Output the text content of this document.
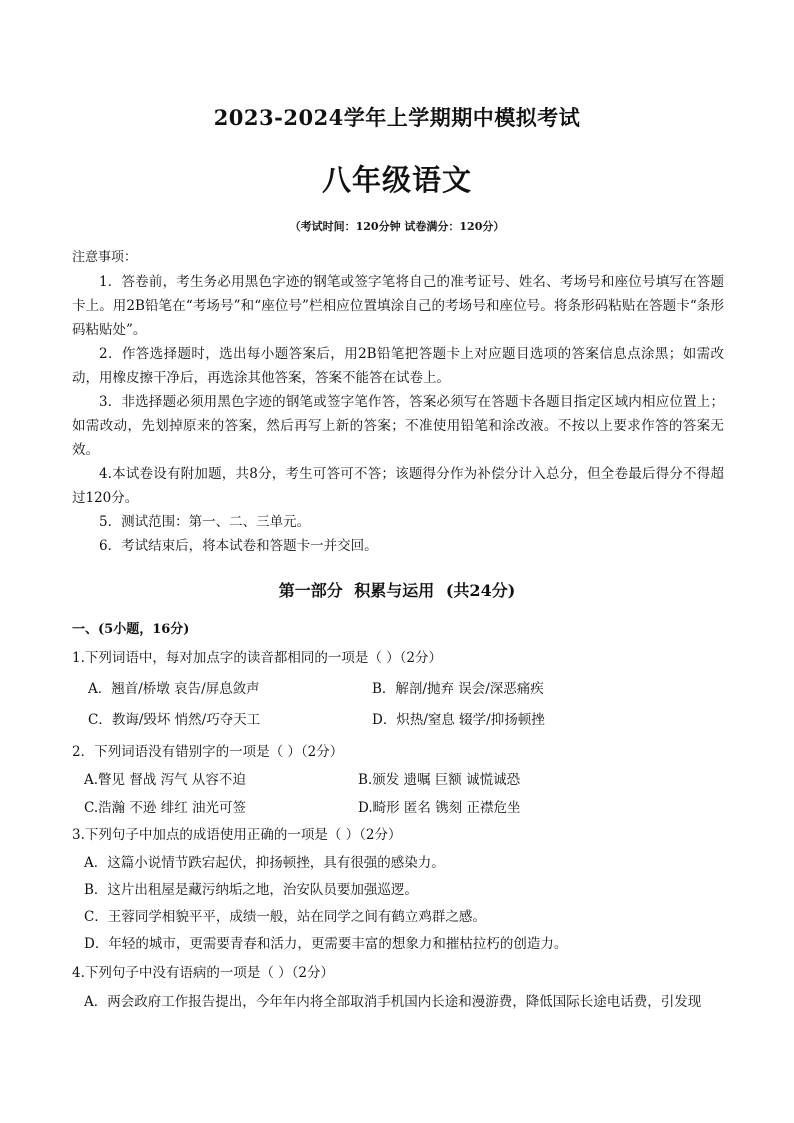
2023-2024学年上学期期中模拟考试
八年级语文
（考试时间：120分钟 试卷满分：120分）
注意事项：

1．答卷前，考生务必用黑色字迹的钢笔或签字笔将自己的准考证号、姓名、考场号和座位号填写在答题卡上。用2B铅笔在“考场号”和“座位号”栏相应位置填涂自己的考场号和座位号。将条形码粘贴在答题卡“条形码粘贴处”。

2．作答选择题时，选出每小题答案后，用2B铅笔把答题卡上对应题目选项的答案信息点涂黑；如需改动，用橡皮擦干净后，再选涂其他答案，答案不能答在试卷上。

3．非选择题必须用黑色字迹的钢笔或签字笔作答，答案必须写在答题卡各题目指定区域内相应位置上；如需改动，先划掉原来的答案，然后再写上新的答案；不准使用铅笔和涂改液。不按以上要求作答的答案无效。

4.本试卷设有附加题，共8分，考生可答可不答；该题得分作为补偿分计入总分，但全卷最后得分不得超过120分。

5．测试范围：第一、二、三单元。

6．考试结束后，将本试卷和答题卡一并交回。

第一部分 积累与运用 (共24分)
一、(5小题，16分)
1.下列词语中，每对加点字的读音都相同的一项是（ ）（2分）
A．翘首/桥墩 哀告/屏息敛声	B．解剖/抛弃 误会/深恶痛疾
C．教诲/毁坏 悄然/巧夺天工	D．炽热/窒息 辍学/抑扬顿挫
2．下列词语没有错别字的一项是（ ）（2分）
A.瞥见 督战 泻气 从容不迫	B.颁发 遗嘱 巨额 诚慌诚恐
C.浩瀚 不逊 绯红 油光可签	D.畸形 匿名 镌刻 正襟危坐
3.下列句子中加点的成语使用正确的一项是（ ）（2分）
A．这篇小说情节跌宕起伏，抑扬顿挫，具有很强的感染力。
B．这片出租屋是藏污纳垢之地，治安队员要加强巡逻。
C．王蓉同学相貌平平，成绩一般，站在同学之间有鹤立鸡群之感。
D．年轻的城市，更需要青春和活力，更需要丰富的想象力和摧枯拉朽的创造力。
4.下列句子中没有语病的一项是（ ）（2分）
A．两会政府工作报告提出，今年年内将全部取消手机国内长途和漫游费，降低国际长途电话费，引发现
